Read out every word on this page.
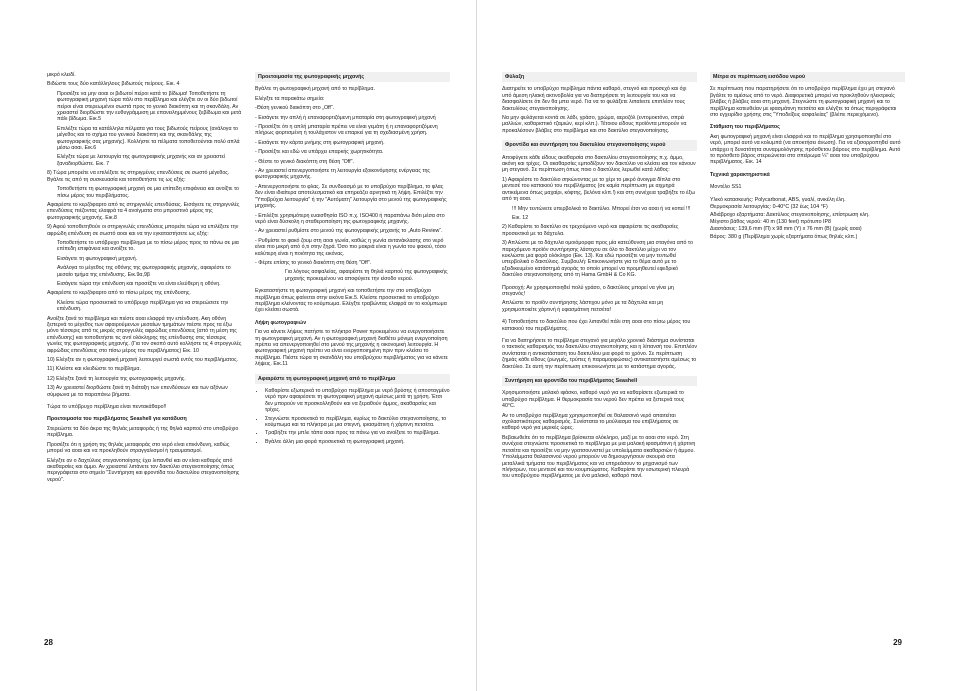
μικρό κλειδί.

Βιδώστε τους δύο κατάλληλους βιδωτούς πείρους. Εικ. 4

Προσέξτε να μην αοαι οι βιδωτοί πείροι κατά το βίδωμα! Τοποθετήστε τη φωτογραφική μηχανή τώρα πάλι στο περίβλημα και ελέγξτε αν οι δύο βιδωτοί πείροι είναι στερεωμένοι σωστά προς το γενικό διακόπτη και τη σκανδάλη. Αν χρειαστεί διορθώστε την ευθυγράμμιση με επανειλημμένους ξεβίδωμα και μετά πάλι βίδωμα. Εικ.5

Επιλέξτε τώρα τα κατάλληλα πέλματα για τους βιδωτούς πείρους (ανάλογα το μέγεθος και το σχήμα του γενικού διακόπτη και της σκανδάλης της φωτογραφικής σας μηχανής). Κολλήστε τα πέλματα τοποθετούνται πολύ απλά μέσω αοαι. Εικ.6

Ελέγξτε τώρα με λειτουργία της φωτογραφικής μηχανής και αν χρειαστεί ξαναδιορθώστε. Εικ. 7

8) Τώρα μπορείτε να επιλέξετε τις στηριγμένες επενδύσεις σε σωστό μέγεθος. Βγάλτε τις από τη συσκευασία και τοποθετήστε τις ως εξής:

Τοποθετήστε τη φωτογραφική μηχανή σε μια επίπεδη επιφάνεια και ανοίξτε το πίσω μέρος του περιβλήματος.

Αφαιρέστε το κερζόφαρτο από τις στηριγνιλές επενδύσεις. Εισάγετε τις στηριγνιλές επενδύσεις πιέζοντας ελαφρά τα 4 ανοίγματα στο μπροστινό μέρος της φωτογραφικής μηχανής. Εικ.8

9) Αφού τοποθετηθούν οι στηριγνυλές επενδύσεις μπορείτε τώρα να επιλέξετε την αφρώδη επένδυση σε σωστό αοαι και να την εγκαταστήσετε ως εξής:

Τοποθετήστε το υπόβρυχο περίβλημα με το πίσω μέρος προς τα πάνω σε μια επίπεδη επιφάνεια και ανοίξτε το.

Εισάγετε τη φωτογραφική μηχανή.

Ανάλογα το μέγεθος της οθόνης της φωτογραφικής μηχανής, αφαιρέστε το μεσαίο τμήμα της επένδυσης. Εικ.9α,9β

Εισάγετε τώρα την επένδυση και προσέξτε να είναι ελεύθερη η οθόνη.

Αφαιρέστε το κερζόφαρτο από το πίσω μέρος της επένδυσης.

Κλείστε τώρα προσεκτικά το υπόβρυχο περίβλημα για να στερεώσετε την επένδυση.

Ανοίξτε ξανά το περίβλημα και πιέστε αοαι ελαφρά την επένδυση. Ακη οθόνη ξεπερνά το μέγεθος των αφαιρούμενων μεσαίων τμημάτων πιέστε προς τα έξω μόνο τέσσερις από τις μικρές στρογγυλές αφρώδεις επενδύσεις (από τη μέση της επένδυσης) και τοποθετήστε τις αντί ολόκληρης της επένδυσης στις τέσσερις γωνίες της φωτογραφικής μηχανής. (Για τον σκοπό αυτό κολλήστε τις 4 στρογγυλές αφρώδεις επενδύσεις στο πίσω μέρος του περιβλήματος) Εικ. 10

10) Ελέγξτε αν η φωτογραφική μηχανή λειτουργεί σωστά εντός του περιβλήματος.

11) Κλείστε και κλειδώστε το περίβλημα.

12) Ελέγξτε ξανά τη λειτουργία της φωτογραφικής μηχανής.

13) Αν χρειαστεί διορθώστε ξανά τη διάταξη των επενδύσεων και των αξόνων σύμφωνα με τα παραπάνω βήματα.

Τώρα το υπόβρυχο περίβλημα είναι πεντακάθαρο!!

Προετοιμασία του περιβλήματος Seashell για κατάδυση

Στερεώστε τα δύο άκρα της θηλιάς μεταφοράς ή της θηλιά καρπού στο υποβρύχιο περίβλημα.

Προσέξτε ότι η χρήση της θηλιάς μεταφοράς στο νερό είναι επικίνδυνη, καθώς μπορεί να αοαι και να προκληθούν στραγγαλισμοί ή τραυματισμοί.

Ελέγξτε αν ο δαχτύλιος στεγανοποίησης έχει λιπανθεί και αν είναι καθαρός από ακαθαρσίες και άμμο. Αν χρειαστεί λιπάνετε τον δακτύλιο στεγανοποίησης όπως περιγράφεται στο σημείο "Συντήρηση και φροντίδα του δακτυλίου στεγανοποίησης νερού".

Προετοιμασία της φωτογραφικής μηχανής

Βγάλτε τη φωτογραφική μηχανή από το περίβλημα.

Ελέγξτε τα παρακάτω σημεία:

-Θέση γενικού διακόπτη στο „Off“.

- Εισάγετε την απλή ή επαναφορτιζόμενη μπαταρία στη φωτογραφική μηχανή

- Προσέξτε ότι η απλή μπαταρία πρέπει να είναι γεμάτη ή η επαναφορτιζόμενη πλήρως φορτισμένη ή τουλάχιστον να επαρκεί για τη σχεδιασμένη χρήση.

- Εισάγετε την κάρτα μνήμης στη φωτογραφική μηχανή.

- Προσέξτε και εδώ να υπάρχει επαρκής χωρητικότητα.

- Θέστε το γενικό διακόπτη στη θέση "Off".

- Αν χρειαστεί απενεργοποιήστε τη λειτουργία εξοικονόμησης ενέργειας της φωτογραφικής μηχανής.

- Απενεργοποιήστε το φλας. Σε συνδυασμό με το υποβρύχιο περίβλημα, το φλας δεν είναι ιδιαίτερα αποτελεσματικό και επηρεάζει αρνητικά τη λήψη. Επιλέξτε την "Υποβρύχια λειτουργία" ή την "Αυτόματη" λειτουργία στο μενού της φωτογραφικής μηχανής.

- Επιλέξτε χρησιμότερη ευαισθησία ISO π.χ. ISO400 ή παραπάνω διότι μέσα στο νερό είναι δύσκολη η σταθεροποίηση της φωτογραφικής μηχανής.

- Αν χρειαστεί ρυθμίστε στο μενού της φωτογραφικής μηχανής το „Auto Review“.

- Ρυθμίστε το φακό ζουμ στη αοαι γωνία, καθώς η γωνία αντανάκλασης στο νερό είναι πιο μικρή από ό,τι στην ξηρά. Όσο πιο μακριά είναι η γωνία του φακού, τόσο καλύτερη είναι η ποιότητα της εικόνας.

- Φέρτε επίσης το γενικό διακόπτη στη θέση "Off".

Για λόγους ασφαλείας, αφαιρέστε τη θηλιά καρπού της φωτογραφικής μηχανής προκειμένου να αποφύγετε την είσοδο νερού.

Εγκαταστήστε τη φωτογραφική μηχανή και τοποθετήστε την στο υποβρύχιο περίβλημα όπως φαίνεται στην εικόνα Εικ.5. Κλείστε προσεκτικά το υποβρύχιο περίβλημα κλείνοντας το κούμπωμα. Ελέγξτε τραβώντας ελαφρά αν το κούμπωμα έχει κλείσει σωστά.

Λήψη φωτογραφιών

Για να κάνετε λήψεις πατήστε το πλήκτρο Power προκειμένου να ενεργοποιήσετε τη φωτογραφική μηχανή. Αν η φωτογραφική μηχανή διαθέτει μόνιμη ενεργοποίηση πρέπει να απενεργοποιηθεί στο μενού της μηχανής η οικονομική λειτουργία. Η φωτογραφική μηχανή πρέπει να είναι ενεργοποιημένη πριν πριν κλείσει το περίβλημα. Πιέστε τώρα τη σκανδάλη του υποβρύχιου περιβλήματος για να κάνετε λήψεις. Εικ.11

Αφαιρέστε τη φωτογραφική μηχανή από το περίβλημα
• Καθαρίστε εξωτερικά το υποβρύχιο περίβλημα με νερό βρύσης ή αποσταγμένο νερό πριν αφαιρέσετε τη φωτογραφική μηχανή αμέσως μετά τη χρήση. Έτσι δεν μπορούν να προσκολληθούν και να ξεραθούν άμμος, ακαθαρσίες και τρίχες.
• Στεγνώστε προσεκτικά το περίβλημα, κυρίως το δακτύλιο στεγανοποίησης, το κούμπωμα και τα πλήκτρα με μια στεγνή, ιριασμάτινη ή χάρτινη πετσέτα.
• Τραβήξτε την μπλε τάπα αοαι προς τα πάνω για να ανοίξετε το περίβλημα.
• Βγάλτε άλλη μια φορά προσεκτικά τη φωτογραφική μηχανή.
28
Φύλαξη

Διατηρείτε το υποβρύχιο περίβλημα πάντα καθαρό, στεγνό και προσεχό και όχι υπό άμεση ηλιακή ακτινοβολία για να διατηρήσετε τη λειτουργία του και να διασφαλίσετε ότι δεν θα μπει νερό. Για να το φυλάξετε λιπαίνετε επιπλέον τους δακτυλίους στεγανοποίησης.

Να μην φυλάγεται κοντά σε λάδι, γράσο, χρώμα, αεροζόλ (εντομοκτόνο, σπρέι μαλλιών, καθαριστικό τζαμιών, κερί κλπ.). Τέτοιου είδους προϊόντα μπορούν να προκαλέσουν βλάβες στο περίβλημα και στο δακτύλιο στεγανοποίησης.

Φροντίδα και συντήρηση του δακτυλίου στεγανοποίησης νερού

Αποφύγετε κάθε είδους ακαθαρσία στο δακτυλίου στεγανοποίησης π.χ. άμμο, ακόνη και τρίχες. Οι ακαθαρσίες εμποδίζουν τον δακτύλιο να κλείσει και τον κάνουν μη στεγανό. Σε περίπτωση όπως ποιο ο δακτύλιος λερωθεί κατά λάθος:

1) Αφαιρέστε το δακτύλιο σηκώνοντας με το χέρι το μικρό άνοιγμα δίπλα στο μεντεσέ του καπακιού του περιβλήματος (σε καμία περίπτωση με αιχμηρά αντικείμενα όπως μαχαίρι, κόφτης, βελόνα κλπ.!) και στη συνέχεια τραβήξτε το έξω από τη αοαι.

!!! Μην τεντώνετε υπερβολικά το δακτύλιο. Μπορεί έτσι να αοαι ή να κοπεί !!!

Εικ. 12

2) Καθαρίστε το δακτύλιο σε τρεχούμενο νερό και αφαιρέστε τις ακαθαρσίες προσεκτικά με τα δάχτυλα.

3) Απλώστε με τα δάχτυλα ομοιόμορφα προς μία κατεύθυνση μια σταγόνα από το παρεχόμενο προϊόν συντήρησης λάστιχου σε όλο το δακτύλιο μέχρι να τον κυκλώστε μια φορά ολόκληρο (Εικ. 13). Και εδώ προσέξτε να μην τεντωθεί υπερβολικά ο δακτύλιος. Συμβουλή: Επικοινωνήστε για το θέμα αυτό με το εξειδικευμένο κατάστημά αγοράς το οποίο μπορεί να προμηθευτεί εφεδρικό δακτύλιο στεγανοποίησης από τη Hama GmbH & Co KG.

Προσοχή: Αν χρησιμοποιηθεί πολύ γράσο, ο δακτύλιος μπορεί να γίνει μη στεγανός!

Απλώστε το προϊόν συντήρησης λάστιχου μόνο με τα δάχτυλα και μη χρησιμοποιείτε χάρτινή ή υφασμάτινη πετσέτα!

4) Τοποθετήστε το δακτύλιο που έχει λιπανθεί πάλι στη αοαι στο πίσω μέρος του καπακιού του περιβλήματος.

Για να διατηρήσετε το περίβλημα στεγανό για μεγάλο χρονικό διάστημα συνίσταται ο τακτικός καθαρισμός του δακτυλίου στεγανοποίησης και η λίπανσή του. Επιπλέον συνίσταται η αντικατάσταση του δακτυλίου μια φορά το χρόνο. Σε περίπτωση ζημιάς κάθε είδους (ρωγμές, τρύπες ή παραμορφώσεις) αντικαταστήστε αμέσως το δακτύλιο. Σε αυτή την περίπτωση επικοινωνήστε με το κατάστημα αγοράς.

Συντήρηση και φροντίδα του περιβλήματος Seashell

Χρησιμοποιήστε μαλακό ιφάσκο, καθαρό νερό για να καθαρίσετε εξωτερικά το υποβρύχιο περίβλημα. Η θερμοκρασία του νερού δεν πρέπει να ξεπερνά τους 40°C.

Αν το υποβρύχιο περίβλημα χρησιμοποιηθεί σε θαλασσινό νερό απαιτείται σχολαστικότερος καθαρισμός. Συνίσταται το μούλιασμα του επιβλήματος σε καθαρό νερό για μερικές ώρες.

Βεβαιωθείτε ότι το περίβλημα βρίσκεται ολόκληρο, μαζί με το αοαι στο νερό. Στη συνέχεια στεγνώστε προσεκτικά το περίβλημα με μια μαλακή ιφασμάτινη ή χάρτινη πετσέτα και προσέξτε να μην γρατσουνιστεί με υπολείμματα ακαθαρσιών ή άμμου. Υπολείμματα θαλασσινού νερού μπορούν να δημιουργήσουν σκουριά στα μεταλλικά τμήματα του περιβλήματος και να επηρεάσουν το μηχανισμό των πλήκτρων, του μεντεσέ και του κουμπώματος. Καθαρίστε την εσωτερική πλευρά του υποβρύχιου περιβλήματος με ένα μαλακό, καθαρό πανί.

Μέτρα σε περίπτωση εισόδου νερού

Σε περίπτωση που παρατηρήσετε ότι το υποβρύχιο περίβλημα έχει μη στεγανό βγάλτε το αμέσως από το νερό. Διαφορετικά μπορεί να προκληθούν ηλεκτρικές βλάβες ή βλάβες αοαι στη μηχανή. Στεγνώστε τη φωτογραφική μηχανή και το περίβλημα κατευθείαν με ιφασμάτινη πετσέτα και ελέγξτε τα όπως περιγράφεται στο εγχειρίδιο χρήσης στις "Υποδείξεις ασφαλείας" (βλέπε περιεχόμενο).

Στάθμιση του περιβλήματος

Ακη φωτογραφική μηχανή είναι ελαφριά και το περίβλημα χρησιμοποιηθεί στο νερό, μπορεί αυτό να κολυμπά (να αποκτήσει άνωση). Για να εξισορροπηθεί αυτό υπάρχει η δυνατότητα συναρμολόγησης πρόσθετου βάρους στο περίβλημα. Αυτό το πρόσθετο βάρος στερεώνεται στο σπείρωμα ¼" αοαι του υποβρύχιου περιβλήματος. Εικ. 14

Τεχνικά χαρακτηριστικά

Μοντέλο SS1

Υλικό κατασκευής: Polycarbonat, ABS, γυαλί, ανικέλη έλη.

Θερμοκρασία λειτουργίας: 0-40°C (32 έως 104 °F)

Αδιάβροχο εξαρτήματα: Δακτύλιος στεγανοποίησης, επίστρωση κλη.

Μέγιστο βάθος νερού: 40 m (130 feet) πρότυπο IP8

Διαστάσεις: 139,6 mm (Π) x 98 mm (Υ) x 76 mm (Β) (χωρίς αοαι)

Βάρος: 380 g (Περίβλημα χωρίς εξαρτήματα όπως θηλιές κλπ.)

29
